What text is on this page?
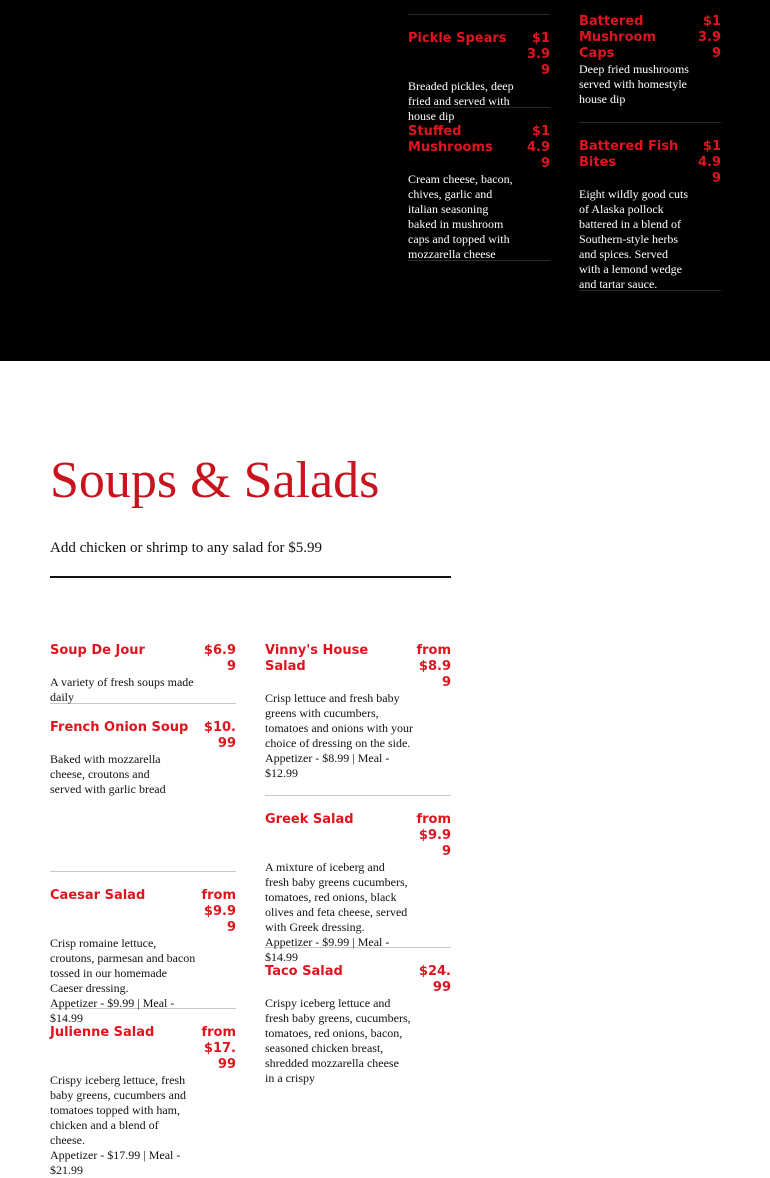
Pickle Spears	$13.99
Breaded pickles, deep fried and served with house dip
Stuffed Mushrooms
$14.99
Cream cheese, bacon, chives, garlic and italian seasoning baked in mushroom caps and topped with mozzarella cheese
Battered Mushroom Caps
$13.99
Deep fried mushrooms served with homestyle house dip
Battered Fish Bites
$14.99
Eight wildly good cuts of Alaska pollock battered in a blend of Southern-style herbs and spices. Served with a lemond wedge and tartar sauce.
Soups & Salads
Add chicken or shrimp to any salad for $5.99
Soup De Jour	$6.99
A variety of fresh soups made daily
French Onion Soup	$10.99
Baked with mozzarella cheese, croutons and served with garlic bread
Caesar Salad	from $9.99
Crisp romaine lettuce, croutons, parmesan and bacon tossed in our homemade Caeser dressing.
Appetizer - $9.99 | Meal - $14.99
Julienne Salad	from $17.99
Crispy iceberg lettuce, fresh baby greens, cucumbers and tomatoes topped with ham, chicken and a blend of cheese.
Appetizer - $17.99 | Meal - $21.99
Vinny's House Salad
from $8.99
Crisp lettuce and fresh baby greens with cucumbers, tomatoes and onions with your choice of dressing on the side.
Appetizer - $8.99 | Meal - $12.99
Greek Salad	from $9.99
A mixture of iceberg and fresh baby greens cucumbers, tomatoes, red onions, black olives and feta cheese, served with Greek dressing.
Appetizer - $9.99 | Meal - $14.99
Taco Salad	$24.99
Crispy iceberg lettuce and fresh baby greens, cucumbers, tomatoes, red onions, bacon, seasoned chicken breast, shredded mozzarella cheese in a crispy
